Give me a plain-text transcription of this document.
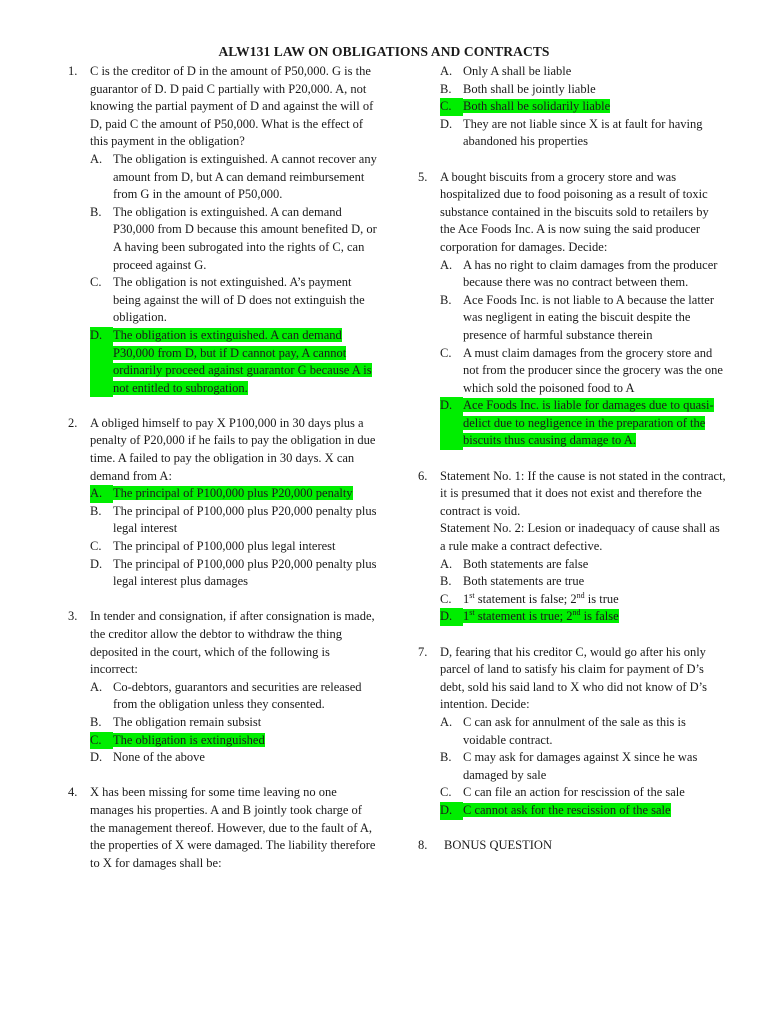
ALW131 LAW ON OBLIGATIONS AND CONTRACTS
1.	C is the creditor of D in the amount of P50,000. G is the guarantor of D. D paid C partially with P20,000. A, not knowing the partial payment of D and against the will of D, paid C the amount of P50,000. What is the effect of this payment in the obligation?
A. The obligation is extinguished. A cannot recover any amount from D, but A can demand reimbursement from G in the amount of P50,000.
B. The obligation is extinguished. A can demand P30,000 from D because this amount benefited D, or A having been subrogated into the rights of C, can proceed against G.
C. The obligation is not extinguished. A’s payment being against the will of D does not extinguish the obligation.
D. The obligation is extinguished. A can demand P30,000 from D, but if D cannot pay, A cannot ordinarily proceed against guarantor G because A is not entitled to subrogation.
2.	A obliged himself to pay X P100,000 in 30 days plus a penalty of P20,000 if he fails to pay the obligation in due time. A failed to pay the obligation in 30 days. X can demand from A:
A. The principal of P100,000 plus P20,000 penalty
B. The principal of P100,000 plus P20,000 penalty plus legal interest
C. The principal of P100,000 plus legal interest
D. The principal of P100,000 plus P20,000 penalty plus legal interest plus damages
3.	In tender and consignation, if after consignation is made, the creditor allow the debtor to withdraw the thing deposited in the court, which of the following is incorrect:
A. Co-debtors, guarantors and securities are released from the obligation unless they consented.
B. The obligation remain subsist
C. The obligation is extinguished
D. None of the above
4.	X has been missing for some time leaving no one manages his properties. A and B jointly took charge of the management thereof. However, due to the fault of A, the properties of X were damaged. The liability therefore to X for damages shall be:
A. Only A shall be liable
B. Both shall be jointly liable
C. Both shall be solidarily liable
D. They are not liable since X is at fault for having abandoned his properties
5.	A bought biscuits from a grocery store and was hospitalized due to food poisoning as a result of toxic substance contained in the biscuits sold to retailers by the Ace Foods Inc. A is now suing the said producer corporation for damages. Decide:
A. A has no right to claim damages from the producer because there was no contract between them.
B. Ace Foods Inc. is not liable to A because the latter was negligent in eating the biscuit despite the presence of harmful substance therein
C. A must claim damages from the grocery store and not from the producer since the grocery was the one which sold the poisoned food to A
D. Ace Foods Inc. is liable for damages due to quasi-delict due to negligence in the preparation of the biscuits thus causing damage to A.
6.	Statement No. 1: If the cause is not stated in the contract, it is presumed that it does not exist and therefore the contract is void.
Statement No. 2: Lesion or inadequacy of cause shall as a rule make a contract defective.
A. Both statements are false
B. Both statements are true
C. 1st statement is false; 2nd is true
D. 1st statement is true; 2nd is false
7.	D, fearing that his creditor C, would go after his only parcel of land to satisfy his claim for payment of D’s debt, sold his said land to X who did not know of D’s intention. Decide:
A. C can ask for annulment of the sale as this is voidable contract.
B. C may ask for damages against X since he was damaged by sale
C. C can file an action for rescission of the sale
D. C cannot ask for the rescission of the sale
8.	BONUS QUESTION
